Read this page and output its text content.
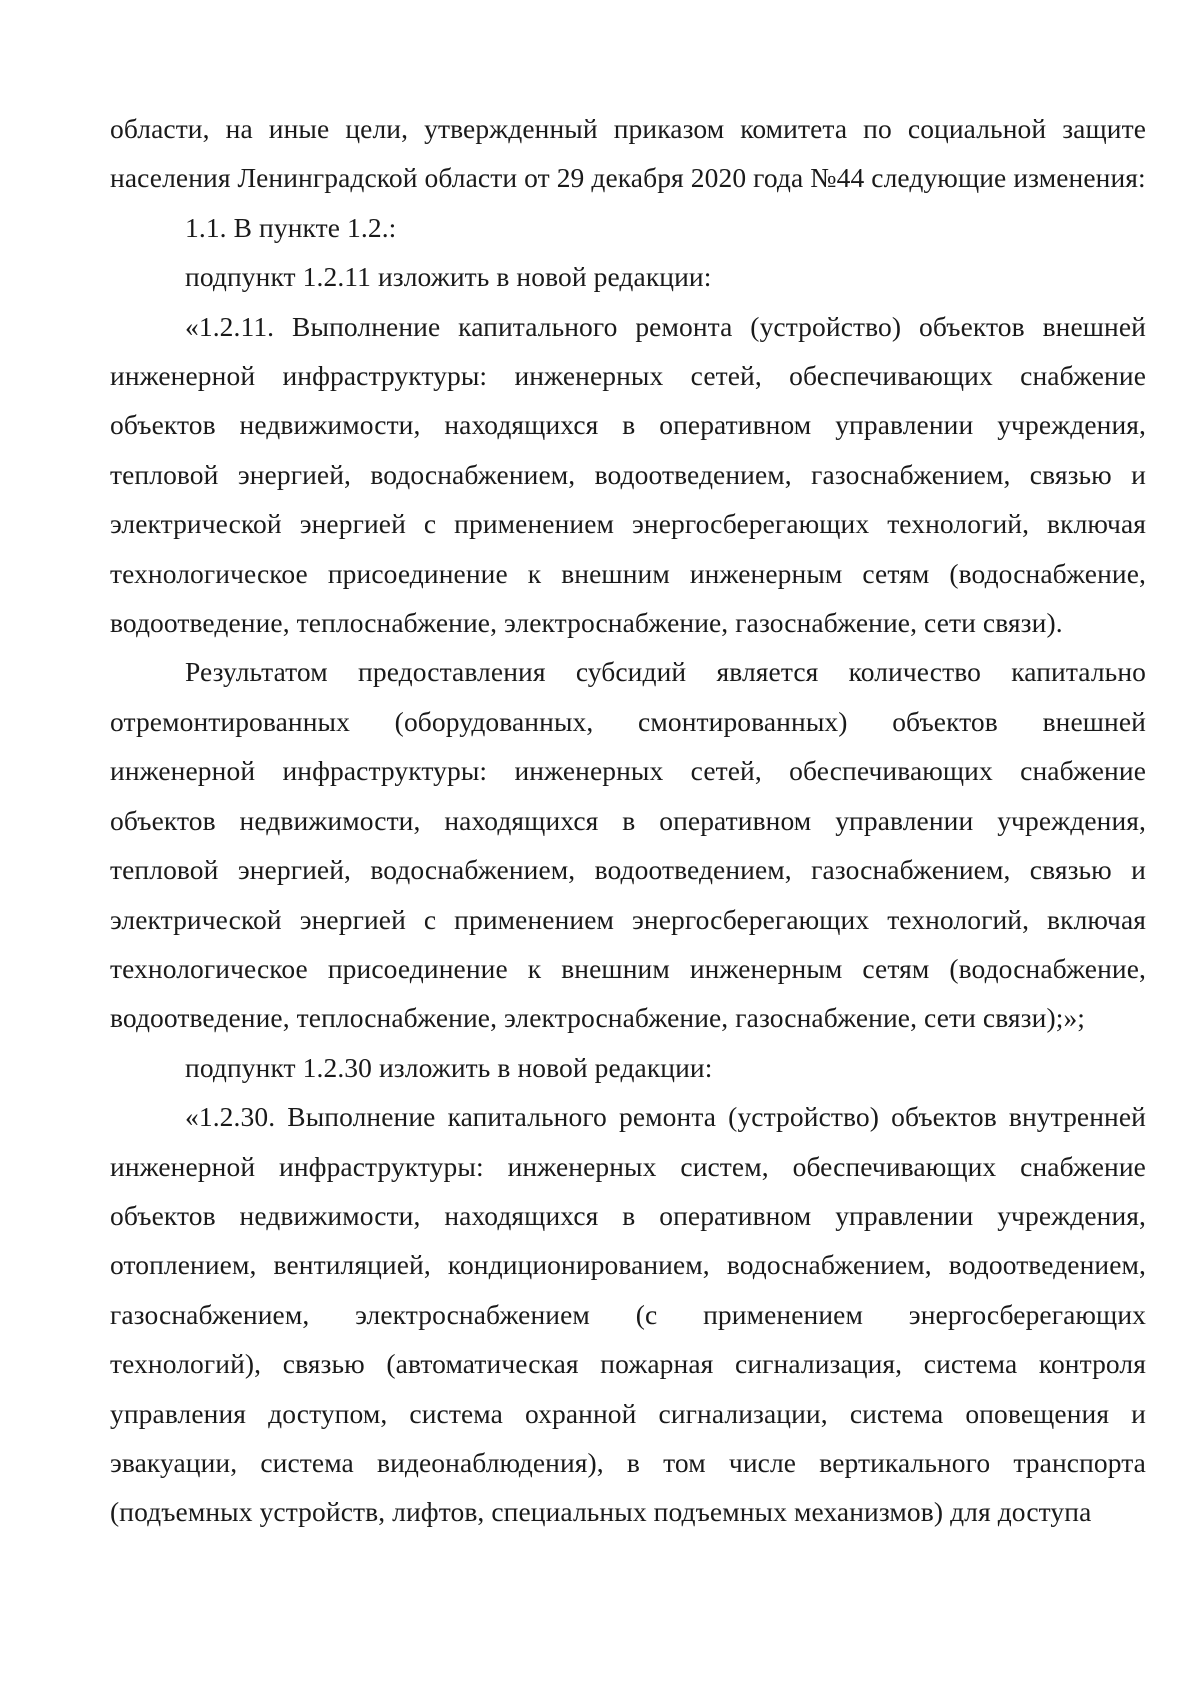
области, на иные цели, утвержденный приказом комитета по социальной защите населения Ленинградской области от 29 декабря 2020 года №44 следующие изменения:

1.1. В пункте 1.2.:

подпункт 1.2.11 изложить в новой редакции:

«1.2.11. Выполнение капитального ремонта (устройство) объектов внешней инженерной инфраструктуры: инженерных сетей, обеспечивающих снабжение объектов недвижимости, находящихся в оперативном управлении учреждения, тепловой энергией, водоснабжением, водоотведением, газоснабжением, связью и электрической энергией с применением энергосберегающих технологий, включая технологическое присоединение к внешним инженерным сетям (водоснабжение, водоотведение, теплоснабжение, электроснабжение, газоснабжение, сети связи).

Результатом предоставления субсидий является количество капитально отремонтированных (оборудованных, смонтированных) объектов внешней инженерной инфраструктуры: инженерных сетей, обеспечивающих снабжение объектов недвижимости, находящихся в оперативном управлении учреждения, тепловой энергией, водоснабжением, водоотведением, газоснабжением, связью и электрической энергией с применением энергосберегающих технологий, включая технологическое присоединение к внешним инженерным сетям (водоснабжение, водоотведение, теплоснабжение, электроснабжение, газоснабжение, сети связи);»;

подпункт 1.2.30 изложить в новой редакции:

«1.2.30. Выполнение капитального ремонта (устройство) объектов внутренней инженерной инфраструктуры: инженерных систем, обеспечивающих снабжение объектов недвижимости, находящихся в оперативном управлении учреждения, отоплением, вентиляцией, кондиционированием, водоснабжением, водоотведением, газоснабжением, электроснабжением (с применением энергосберегающих технологий), связью (автоматическая пожарная сигнализация, система контроля управления доступом, система охранной сигнализации, система оповещения и эвакуации, система видеонаблюдения), в том числе вертикального транспорта (подъемных устройств, лифтов, специальных подъемных механизмов) для доступа
